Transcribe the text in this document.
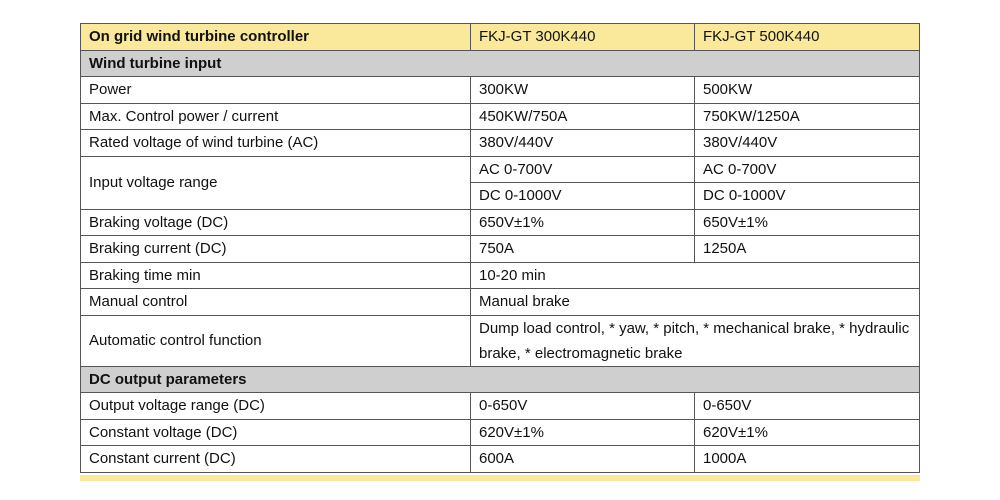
On grid wind turbine controller	FKJ-GT 300K440	FKJ-GT 500K440
Wind turbine input		
Power	300KW	500KW
Max. Control power / current	450KW/750A	750KW/1250A
Rated voltage of wind turbine (AC)	380V/440V	380V/440V
Input voltage range	AC 0-700V	AC 0-700V
	DC 0-1000V	DC 0-1000V
Braking voltage (DC)	650V±1%	650V±1%
Braking current (DC)	750A	1250A
Braking time min	10-20 min	
Manual control	Manual brake	
Automatic control function	Dump load control, * yaw, * pitch, * mechanical brake, * hydraulic brake, * electromagnetic brake	
DC output parameters		
Output voltage range (DC)	0-650V	0-650V
Constant voltage (DC)	620V±1%	620V±1%
Constant current (DC)	600A	1000A
